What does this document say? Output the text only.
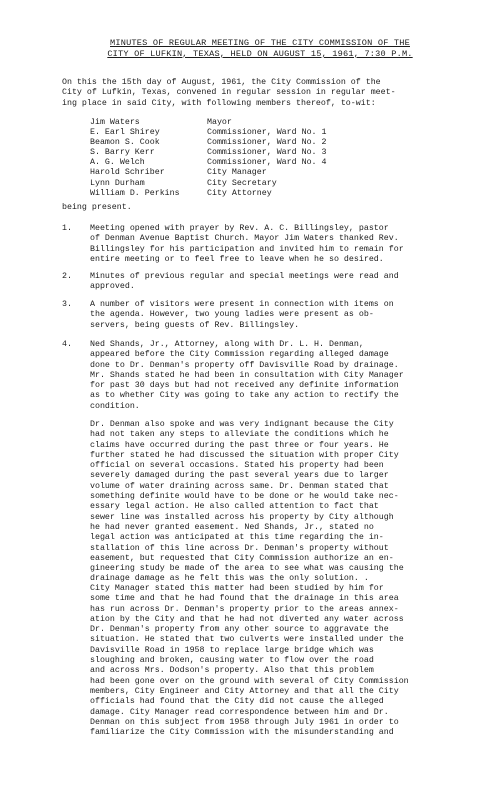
MINUTES OF REGULAR MEETING OF THE CITY COMMISSION OF THE
CITY OF LUFKIN, TEXAS, HELD ON AUGUST 15, 1961, 7:30 P.M.
On this the 15th day of August, 1961, the City Commission of the
City of Lufkin, Texas, convened in regular session in regular meet-
ing place in said City, with following members thereof, to-wit:
Jim Waters	Mayor
E. Earl Shirey	Commissioner, Ward No. 1
Beamon S. Cook	Commissioner, Ward No. 2
S. Barry Kerr	Commissioner, Ward No. 3
A. G. Welch	Commissioner, Ward No. 4
Harold Schriber	City Manager
Lynn Durham	City Secretary
William D. Perkins	City Attorney
being present.
1.	Meeting opened with prayer by Rev. A. C. Billingsley, pastor
of Denman Avenue Baptist Church. Mayor Jim Waters thanked Rev.
Billingsley for his participation and invited him to remain for
entire meeting or to feel free to leave when he so desired.
2.	Minutes of previous regular and special meetings were read and
approved.
3.	A number of visitors were present in connection with items on
the agenda. However, two young ladies were present as ob-
servers, being guests of Rev. Billingsley.
4.	Ned Shands, Jr., Attorney, along with Dr. L. H. Denman,
appeared before the City Commission regarding alleged damage
done to Dr. Denman's property off Davisville Road by drainage.
Mr. Shands stated he had been in consultation with City Manager
for past 30 days but had not received any definite information
as to whether City was going to take any action to rectify the
condition.
Dr. Denman also spoke and was very indignant because the City
had not taken any steps to alleviate the conditions which he
claims have occurred during the past three or four years. He
further stated he had discussed the situation with proper City
official on several occasions. Stated his property had been
severely damaged during the past several years due to larger
volume of water draining across same. Dr. Denman stated that
something definite would have to be done or he would take nec-
essary legal action. He also called attention to fact that
sewer line was installed across his property by City although
he had never granted easement. Ned Shands, Jr., stated no
legal action was anticipated at this time regarding the in-
stallation of this line across Dr. Denman's property without
easement, but requested that City Commission authorize an en-
gineering study be made of the area to see what was causing the
drainage damage as he felt this was the only solution. .
City Manager stated this matter had been studied by him for
some time and that he had found that the drainage in this area
has run across Dr. Denman's property prior to the areas annex-
ation by the City and that he had not diverted any water across
Dr. Denman's property from any other source to aggravate the
situation. He stated that two culverts were installed under the
Davisville Road in 1958 to replace large bridge which was
sloughing and broken, causing water to flow over the road
and across Mrs. Dodson's property. Also that this problem
had been gone over on the ground with several of City Commission
members, City Engineer and City Attorney and that all the City
officials had found that the City did not cause the alleged
damage. City Manager read correspondence between him and Dr.
Denman on this subject from 1958 through July 1961 in order to
familiarize the City Commission with the misunderstanding and
